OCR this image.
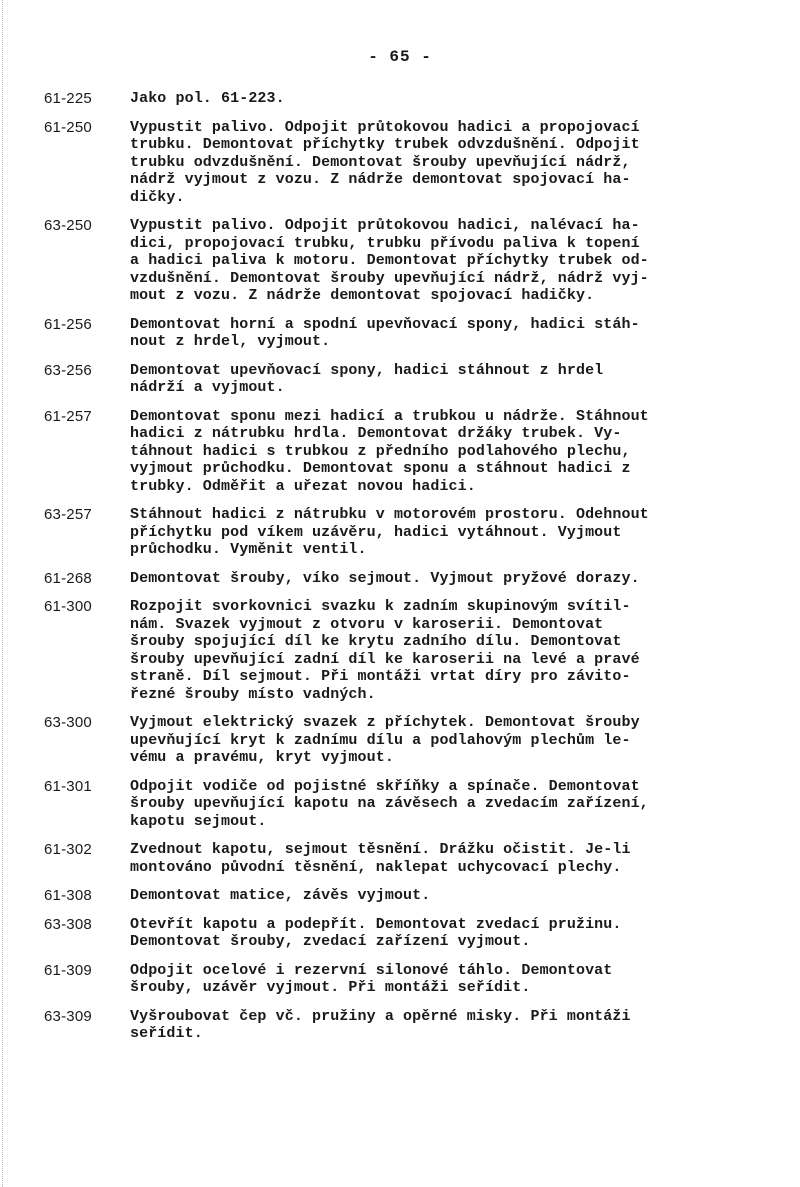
- 65 -
61-225	Jako pol. 61-223.
61-250	Vypustit palivo. Odpojit průtokovou hadici a propojovací
trubku. Demontovat příchytky trubek odvzdušnění. Odpojit
trubku odvzdušnění. Demontovat šrouby upevňující nádrž,
nádrž vyjmout z vozu. Z nádrže demontovat spojovací ha-
dičky.
63-250	Vypustit palivo. Odpojit průtokovou hadici, nalévací ha-
dici, propojovací trubku, trubku přívodu paliva k topení
a hadici paliva k motoru. Demontovat příchytky trubek od-
vzdušnění. Demontovat šrouby upevňující nádrž, nádrž vyj-
mout z vozu. Z nádrže demontovat spojovací hadičky.
61-256	Demontovat horní a spodní upevňovací spony, hadici stáh-
nout z hrdel, vyjmout.
63-256	Demontovat upevňovací spony, hadici stáhnout z hrdel
nádrží a vyjmout.
61-257	Demontovat sponu mezi hadicí a trubkou u nádrže. Stáhnout
hadici z nátrubku hrdla. Demontovat držáky trubek. Vy-
táhnout hadici s trubkou z předního podlahového plechu,
vyjmout průchodku. Demontovat sponu a stáhnout hadici z
trubky. Odměřit a uřezat novou hadici.
63-257	Stáhnout hadici z nátrubku v motorovém prostoru. Odehnout
příchytku pod víkem uzávěru, hadici vytáhnout. Vyjmout
průchodku. Vyměnit ventil.
61-268	Demontovat šrouby, víko sejmout. Vyjmout pryžové dorazy.
61-300	Rozpojit svorkovnici svazku k zadním skupinovým svítil-
nám. Svazek vyjmout z otvoru v karoserii. Demontovat
šrouby spojující díl ke krytu zadního dílu. Demontovat
šrouby upevňující zadní díl ke karoserii na levé a pravé
straně. Díl sejmout. Při montáži vrtat díry pro závito-
řezné šrouby místo vadných.
63-300	Vyjmout elektrický svazek z příchytek. Demontovat šrouby
upevňující kryt k zadnímu dílu a podlahovým plechům le-
vému a pravému, kryt vyjmout.
61-301	Odpojit vodiče od pojistné skříňky a spínače. Demontovat
šrouby upevňující kapotu na závěsech a zvedacím zařízení,
kapotu sejmout.
61-302	Zvednout kapotu, sejmout těsnění. Drážku očistit. Je-li
montováno původní těsnění, naklepat uchycovací plechy.
61-308	Demontovat matice, závěs vyjmout.
63-308	Otevřít kapotu a podepřít. Demontovat zvedací pružinu.
Demontovat šrouby, zvedací zařízení vyjmout.
61-309	Odpojit ocelové i rezervní silonové táhlo. Demontovat
šrouby, uzávěr vyjmout. Při montáži seřídit.
63-309	Vyšroubovat čep vč. pružiny a opěrné misky. Při montáži
seřídit.
